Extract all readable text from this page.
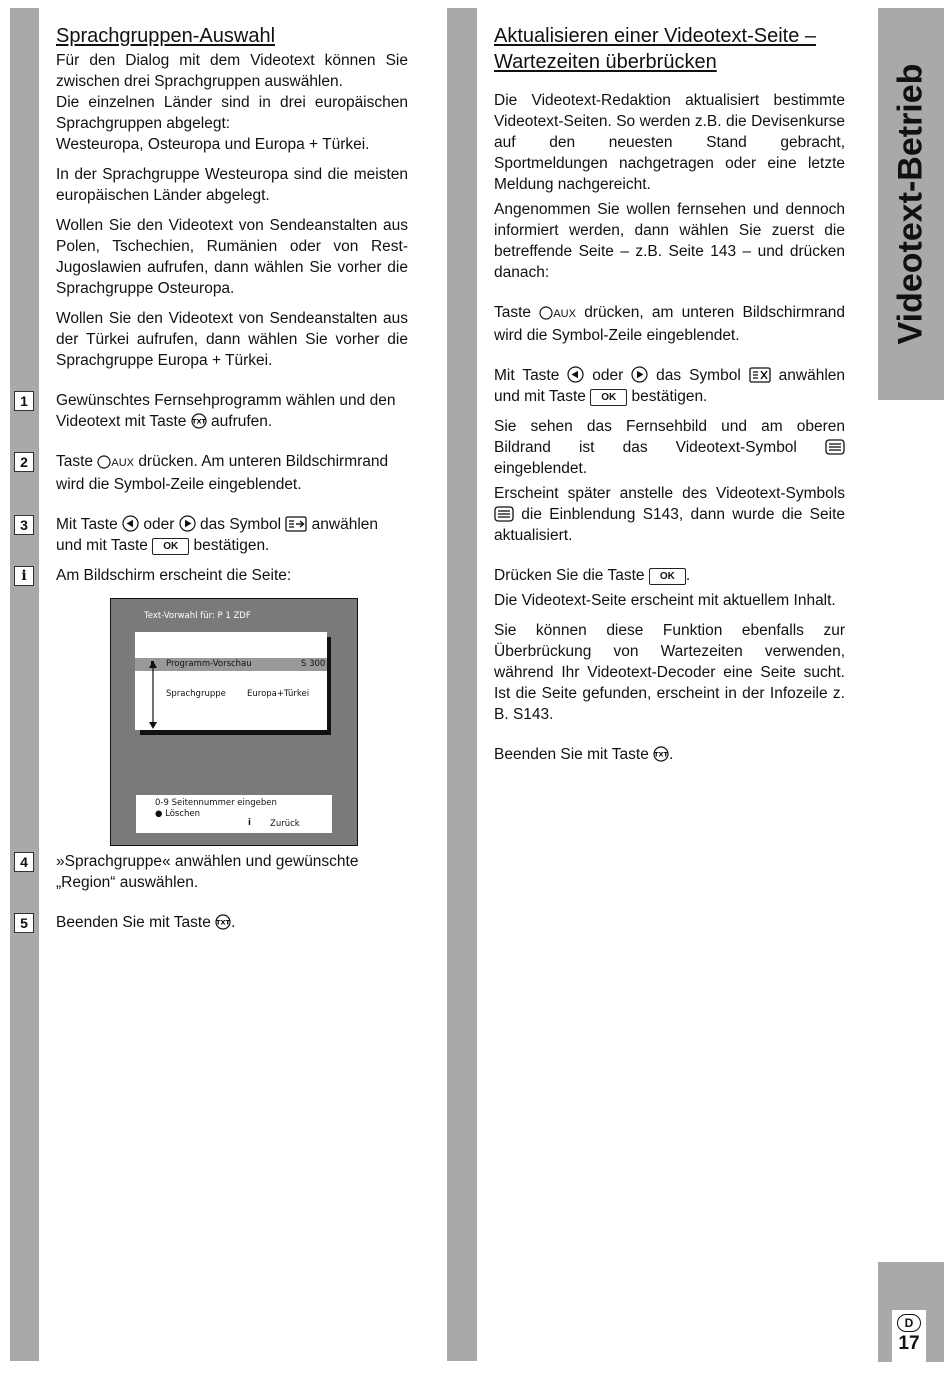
Sprachgruppen-Auswahl

Für den Dialog mit dem Videotext können Sie zwischen drei Sprachgruppen auswählen.

Die einzelnen Länder sind in drei europäischen Sprachgruppen abgelegt:

Westeuropa, Osteuropa und Europa + Türkei.

In der Sprachgruppe Westeuropa sind die meisten europäischen Länder abgelegt.

Wollen Sie den Videotext von Sendeanstalten aus Polen, Tschechien, Rumänien oder von Rest-Jugoslawien aufrufen, dann wählen Sie vorher die Sprachgruppe Osteuropa.

Wollen Sie den Videotext von Sendeanstalten aus der Türkei aufrufen, dann wählen Sie vorher die Sprachgruppe Europa + Türkei.

1	Gewünschtes Fernsehprogramm wählen und den Videotext mit Taste TXT aufrufen.
2	Taste AUX drücken. Am unteren Bildschirmrand wird die Symbol-Zeile eingeblendet.
3	Mit Taste oder das Symbol anwählen und mit Taste OK bestätigen.
i	Am Bildschirm erscheint die Seite:
Text-Vorwahl für: P 1 ZDF
Programm-Vorschau	S 300
Sprachgruppe Europa+Türkei
0-9 Seitennummer eingeben
● Löschen
i Zurück
4	»Sprachgruppe« anwählen und gewünschte „Region“ auswählen.
5	Beenden Sie mit Taste TXT .
Aktualisieren einer Videotext-Seite –
Wartezeiten überbrücken

Die Videotext-Redaktion aktualisiert bestimmte Videotext-Seiten. So werden z.B. die Devisenkurse auf den neuesten Stand gebracht, Sportmeldungen nachgetragen oder eine letzte Meldung nachgereicht.

Angenommen Sie wollen fernsehen und dennoch informiert werden, dann wählen Sie zuerst die betreffende Seite – z.B. Seite 143 – und drücken danach:

Taste AUX drücken, am unteren Bildschirmrand wird die Symbol-Zeile eingeblendet.

Mit Taste oder das Symbol anwählen und mit Taste OK bestätigen.

Sie sehen das Fernsehbild und am oberen Bildrand ist das Videotext-Symbol  eingeblendet.

Erscheint später anstelle des Videotext-Symbols  die Einblendung S143, dann wurde die Seite aktualisiert.

Drücken Sie die Taste OK .

Die Videotext-Seite erscheint mit aktuellem Inhalt.

Sie können diese Funktion ebenfalls zur Überbrückung von Wartezeiten verwenden, während Ihr Videotext-Decoder eine Seite sucht. Ist die Seite gefunden, erscheint in der Infozeile z. B. S143.

Beenden Sie mit Taste TXT .

Videotext-Betrieb
D
17
